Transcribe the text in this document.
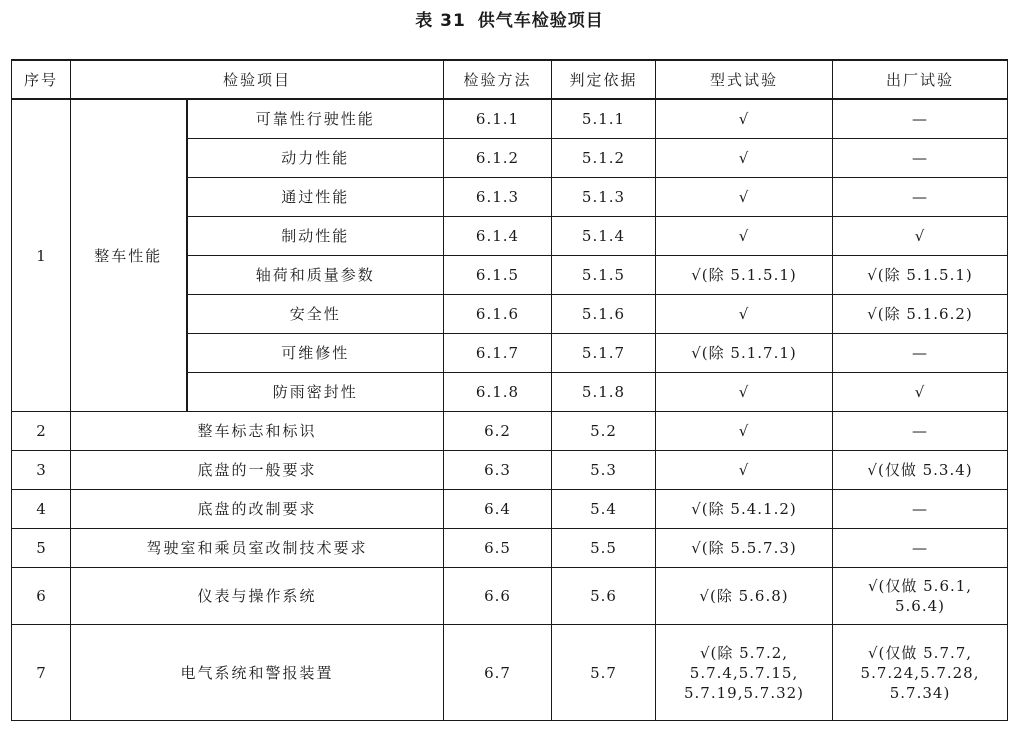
表 31 供气车检验项目
序号	检验项目		检验方法	判定依据	型式试验	出厂试验
1	整车性能	可靠性行驶性能	6.1.1	5.1.1	√	—
		动力性能	6.1.2	5.1.2	√	—
		通过性能	6.1.3	5.1.3	√	—
		制动性能	6.1.4	5.1.4	√	√
		轴荷和质量参数	6.1.5	5.1.5	√(除 5.1.5.1)	√(除 5.1.5.1)
		安全性	6.1.6	5.1.6	√	√(除 5.1.6.2)
		可维修性	6.1.7	5.1.7	√(除 5.1.7.1)	—
		防雨密封性	6.1.8	5.1.8	√	√
2	整车标志和标识		6.2	5.2	√	—
3	底盘的一般要求		6.3	5.3	√	√(仅做 5.3.4)
4	底盘的改制要求		6.4	5.4	√(除 5.4.1.2)	—
5	驾驶室和乘员室改制技术要求		6.5	5.5	√(除 5.5.7.3)	—
6	仪表与操作系统		6.6	5.6	√(除 5.6.8)	√(仅做 5.6.1,
5.6.4)

7	电气系统和警报装置		6.7	5.7	√(除 5.7.2,
5.7.4,5.7.15,
5.7.19,5.7.32)	√(仅做 5.7.7,
5.7.24,5.7.28,
5.7.34)
